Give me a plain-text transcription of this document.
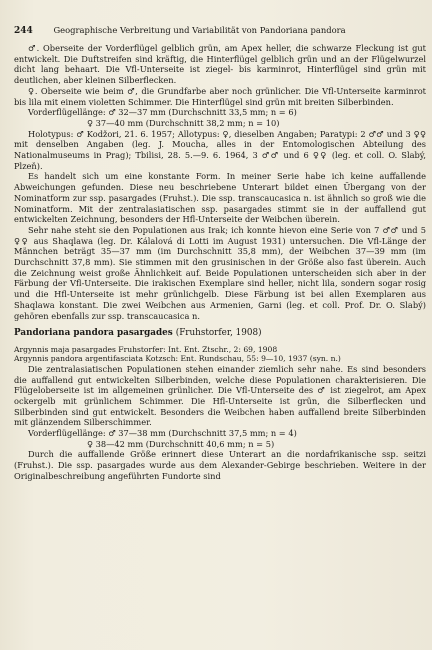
244 Geographische Verbreitung und Variabilität von Pandoriana pandora

♂. Oberseite der Vorderflügel gelblich grün, am Apex heller, die schwarze Fleckung ist gut entwickelt. Die Duftstreifen sind kräftig, die Hinterflügel gelblich grün und an der Flügelwurzel dicht lang behaart. Die Vfl-Unterseite ist ziegel- bis karminrot, Hinterflügel sind grün mit deutlichen, aber kleinen Silberflecken.

♀. Oberseite wie beim ♂, die Grundfarbe aber noch grünlicher. Die Vfl-Unterseite karminrot bis lila mit einem violetten Schimmer. Die Hinterflügel sind grün mit breiten Silberbinden.

Vorderflügellänge: ♂ 32—37 mm (Durchschnitt 33,5 mm; n = 6)

♀ 37—40 mm (Durchschnitt 38,2 mm; n = 10)

Holotypus: ♂ Kodžori, 21. 6. 1957; Allotypus: ♀, dieselben Angaben; Paratypi: 2 ♂♂ und 3 ♀♀ mit denselben Angaben (leg. J. Moucha, alles in der Entomologischen Abteilung des Nationalmuseums in Prag); Tbilisi, 28. 5.—9. 6. 1964, 3 ♂♂ und 6 ♀♀ (leg. et coll. O. Slabý, Plzeň).

Es handelt sich um eine konstante Form. In meiner Serie habe ich keine auffallende Abweichungen gefunden. Diese neu beschriebene Unterart bildet einen Übergang von der Nominatform zur ssp. pasargades (Fruhst.). Die ssp. transcaucasica n. ist ähnlich so groß wie die Nominatform. Mit der zentralasiatischen ssp. pasargades stimmt sie in der auffallend gut entwickelten Zeichnung, besonders der Hfl-Unterseite der Weibchen überein.

Sehr nahe steht sie den Populationen aus Irak; ich konnte hievon eine Serie von 7 ♂♂ und 5 ♀♀ aus Shaqlawa (leg. Dr. Kálalová di Lotti im August 1931) untersuchen. Die Vfl-Länge der Männchen beträgt 35—37 mm (im Durchschnitt 35,8 mm), der Weibchen 37—39 mm (im Durchschnitt 37,8 mm). Sie stimmen mit den grusinischen in der Größe also fast überein. Auch die Zeichnung weist große Ähnlichkeit auf. Beide Populationen unterscheiden sich aber in der Färbung der Vfl-Unterseite. Die irakischen Exemplare sind heller, nicht lila, sondern sogar rosig und die Hfl-Unterseite ist mehr grünlichgelb. Diese Färbung ist bei allen Exemplaren aus Shaqlawa konstant. Die zwei Weibchen aus Armenien, Garni (leg. et coll. Prof. Dr. O. Slabý) gehören ebenfalls zur ssp. transcaucasica n.

Pandoriana pandora pasargades (Fruhstorfer, 1908)

Argynnis maja pasargades Fruhstorfer: Int. Ent. Ztschr., 2: 69, 1908

Argynnis pandora argentifasciata Kotzsch: Ent. Rundschau, 55: 9—10, 1937 (syn. n.)

Die zentralasiatischen Populationen stehen einander ziemlich sehr nahe. Es sind besonders die auffallend gut entwickelten Silberbinden, welche diese Populationen charakterisieren. Die Flügeloberseite ist im allgemeinen grünlicher. Die Vfl-Unterseite des ♂ ist ziegelrot, am Apex ockergelb mit grünlichem Schimmer. Die Hfl-Unterseite ist grün, die Silberflecken und Silberbinden sind gut entwickelt. Besonders die Weibchen haben auffallend breite Silberbinden mit glänzendem Silberschimmer.

Vorderflügellänge: ♂ 37—38 mm (Durchschnitt 37,5 mm; n = 4)

♀ 38—42 mm (Durchschnitt 40,6 mm; n = 5)

Durch die auffallende Größe erinnert diese Unterart an die nordafrikanische ssp. seitzi (Fruhst.). Die ssp. pasargades wurde aus dem Alexander-Gebirge beschrieben. Weitere in der Originalbeschreibung angeführten Fundorte sind
